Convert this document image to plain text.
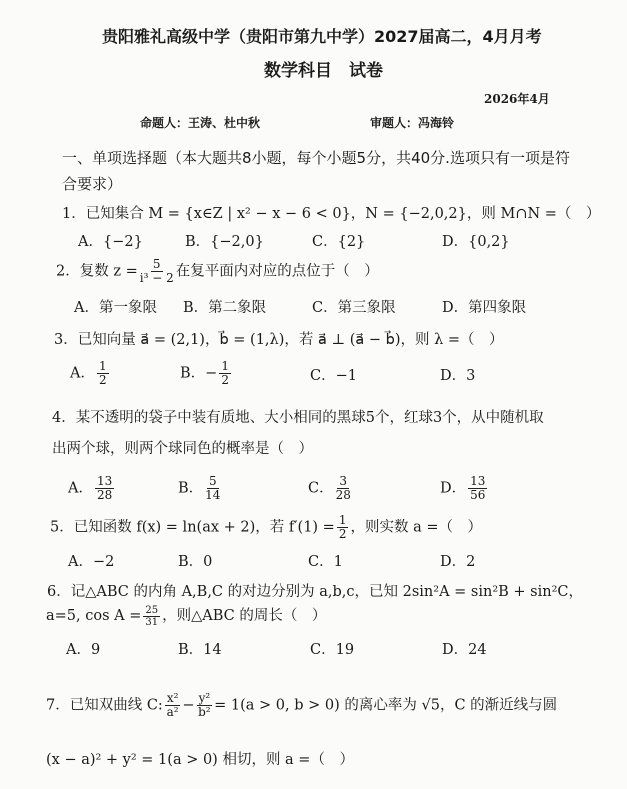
贵阳雅礼高级中学（贵阳市第九中学）2027届高二，4月月考
数学科目　试卷
2026年4月
命题人：王涛、杜中秋	审题人：冯海铃
一、单项选择题（本大题共8小题，每个小题5分，共40分.选项只有一项是符
合要求）
1．已知集合 M = {x∈Z | x² − x − 6 < 0}，N = {−2,0,2}，则 M∩N =（　）
A．{−2}	B．{−2,0}	C．{2}	D．{0,2}
2．复数 $z = \frac{5}{\text{i³ − 2}}$ 在复平面内对应的点位于（　）
A．第一象限 B．第二象限	C．第三象限	D．第四象限
3．已知向量 a⃗ = (2,1)，b⃗ = (1,λ)，若 a⃗ ⊥ (a⃗ − b⃗)，则 λ =（　）
A． $\frac{1}{2}$	B．− $\frac{1}{2}$	C．−1	D．3
4．某不透明的袋子中装有质地、大小相同的黑球5个，红球3个，从中随机取
出两个球，则两个球同色的概率是（　）
A． $\frac{13}{28}$	B． $\frac{5}{14}$	C． $\frac{3}{28}$	D． $\frac{13}{56}$
5．已知函数 f(x) = ln(ax + 2)，若 $f'(1) = \frac{1}{2}$ ，则实数 a =（　）
A．−2	B．0	C．1	D．2
6．记△ABC 的内角 A,B,C 的对边分别为 a,b,c，已知 2sin²A = sin²B + sin²C，
a=5, $\cos A = \frac{25}{31}$ ，则△ABC 的周长（　）
A．9	B．14	C．19	D．24
7．已知双曲线 C: $\frac{\text{x²}}{\text{a²}} - \frac{\text{y²}}{\text{b²}} = 1(a > 0$, b > 0) 的离心率为 √5，C 的渐近线与圆
(x − a)² + y² = 1(a > 0) 相切，则 a =（　）
